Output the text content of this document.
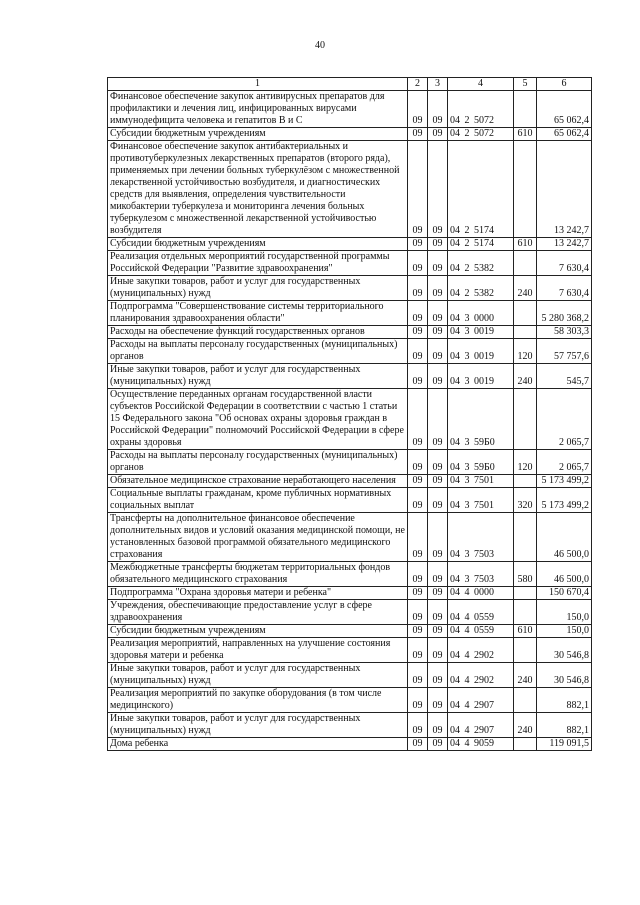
40
1	2	3	4	5	6
Финансовое обеспечение закупок антивирусных препаратов для профилактики и лечения лиц, инфицированных вирусами иммунодефицита человека и гепатитов В и С	09	09	04 2 5072		65 062,4
Субсидии бюджетным учреждениям	09	09	04 2 5072	610	65 062,4
Финансовое обеспечение закупок антибактериальных и противотуберкулезных лекарственных препаратов (второго ряда), применяемых при лечении больных туберкулёзом с множественной лекарственной устойчивостью возбудителя, и диагностических средств для выявления, определения чувствительности микобактерии туберкулеза и мониторинга лечения больных туберкулезом с множественной лекарственной устойчивостью возбудителя	09	09	04 2 5174		13 242,7
Субсидии бюджетным учреждениям	09	09	04 2 5174	610	13 242,7
Реализация отдельных мероприятий государственной программы Российской Федерации "Развитие здравоохранения"	09	09	04 2 5382		7 630,4
Иные закупки товаров, работ и услуг для государственных (муниципальных) нужд	09	09	04 2 5382	240	7 630,4
Подпрограмма "Совершенствование системы территориального планирования здравоохранения области"	09	09	04 3 0000		5 280 368,2
Расходы на обеспечение функций государственных органов	09	09	04 3 0019		58 303,3
Расходы на выплаты персоналу государственных (муниципальных) органов	09	09	04 3 0019	120	57 757,6
Иные закупки товаров, работ и услуг для государственных (муниципальных) нужд	09	09	04 3 0019	240	545,7
Осуществление переданных органам государственной власти субъектов Российской Федерации в соответствии с частью 1 статьи 15 Федерального закона "Об основах охраны здоровья граждан в Российской Федерации" полномочий Российской Федерации в сфере охраны здоровья	09	09	04 3 59Б0		2 065,7
Расходы на выплаты персоналу государственных (муниципальных) органов	09	09	04 3 59Б0	120	2 065,7
Обязательное медицинское страхование неработающего населения	09	09	04 3 7501		5 173 499,2
Социальные выплаты гражданам, кроме публичных нормативных социальных выплат	09	09	04 3 7501	320	5 173 499,2
Трансферты на дополнительное финансовое обеспечение дополнительных видов и условий оказания медицинской помощи, не установленных базовой программой обязательного медицинского страхования	09	09	04 3 7503		46 500,0
Межбюджетные трансферты бюджетам территориальных фондов обязательного медицинского страхования	09	09	04 3 7503	580	46 500,0
Подпрограмма "Охрана здоровья матери и ребенка"	09	09	04 4 0000		150 670,4
Учреждения, обеспечивающие предоставление услуг в сфере здравоохранения	09	09	04 4 0559		150,0
Субсидии бюджетным учреждениям	09	09	04 4 0559	610	150,0
Реализация мероприятий, направленных на улучшение состояния здоровья матери и ребенка	09	09	04 4 2902		30 546,8
Иные закупки товаров, работ и услуг для государственных (муниципальных) нужд	09	09	04 4 2902	240	30 546,8
Реализация мероприятий по закупке оборудования (в том числе медицинского)	09	09	04 4 2907		882,1
Иные закупки товаров, работ и услуг для государственных (муниципальных) нужд	09	09	04 4 2907	240	882,1
Дома ребенка	09	09	04 4 9059		119 091,5
